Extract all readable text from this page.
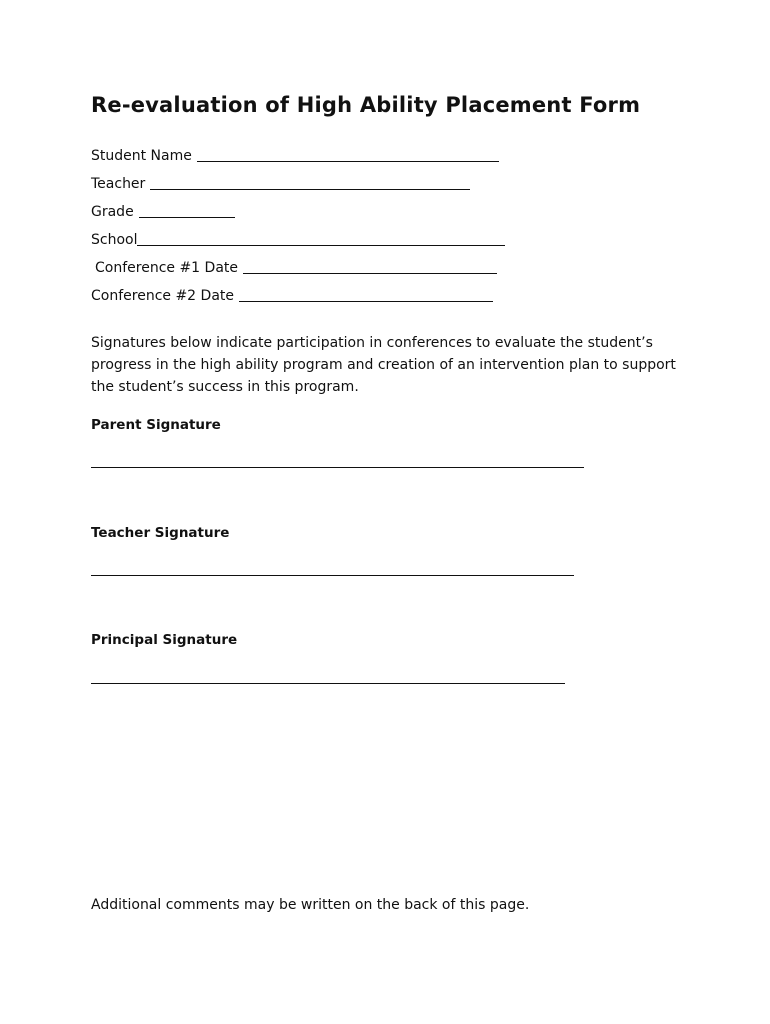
Re-evaluation of High Ability Placement Form
Student Name
Teacher
Grade
School
Conference #1 Date
Conference #2 Date
Signatures below indicate participation in conferences to evaluate the student’s progress in the high ability program and creation of an intervention plan to support the student’s success in this program.
Parent Signature
Teacher Signature
Principal Signature
Additional comments may be written on the back of this page.
